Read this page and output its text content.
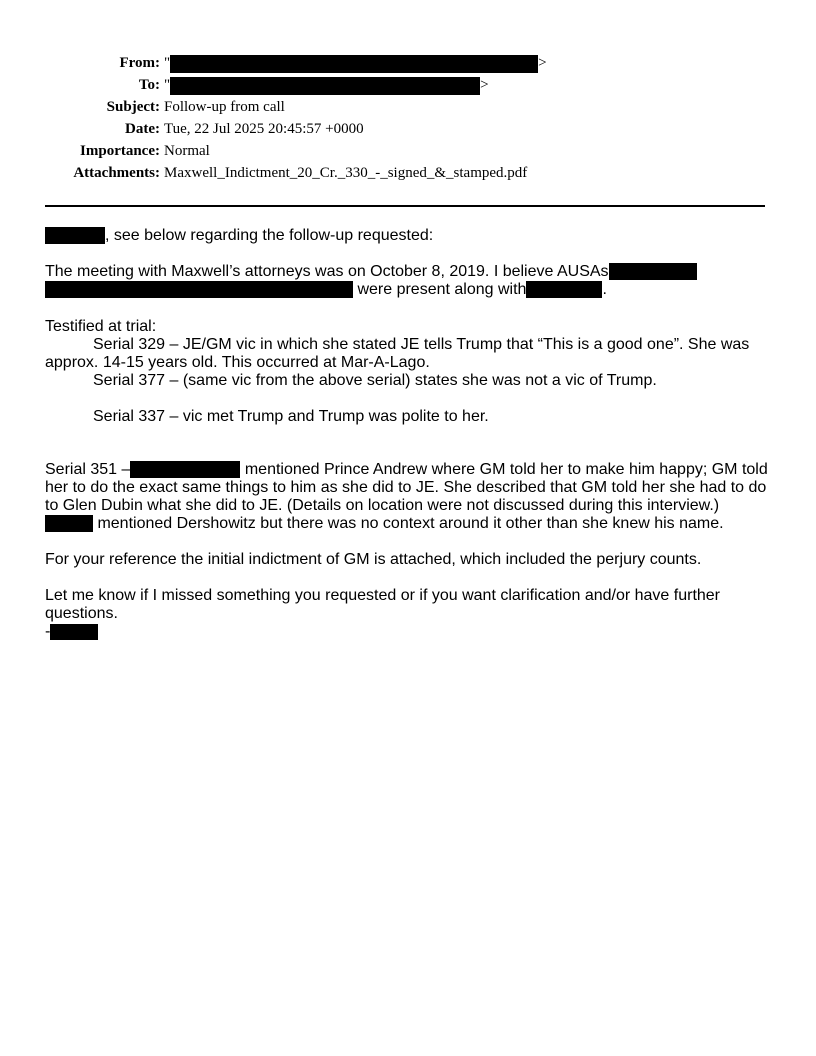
From: "	>
To: "	>
Subject: Follow-up from call
Date: Tue, 22 Jul 2025 20:45:57 +0000
Importance: Normal
Attachments: Maxwell_Indictment_20_Cr._330_-_signed_&_stamped.pdf
, see below regarding the follow-up requested:
The meeting with Maxwell’s attorneys was on October 8, 2019. I believe AUSAs
were present along with	.
Testified at trial:
Serial 329 – JE/GM vic in which she stated JE tells Trump that “This is a good one”. She was
approx. 14-15 years old. This occurred at Mar-A-Lago.
Serial 377 – (same vic from the above serial) states she was not a vic of Trump.
Serial 337 – vic met Trump and Trump was polite to her.
Serial 351 –	mentioned Prince Andrew where GM told her to make him happy; GM told
her to do the exact same things to him as she did to JE. She described that GM told her she had to do
to Glen Dubin what she did to JE. (Details on location were not discussed during this interview.)
mentioned Dershowitz but there was no context around it other than she knew his name.
For your reference the initial indictment of GM is attached, which included the perjury counts.
Let me know if I missed something you requested or if you want clarification and/or have further
questions.
-
